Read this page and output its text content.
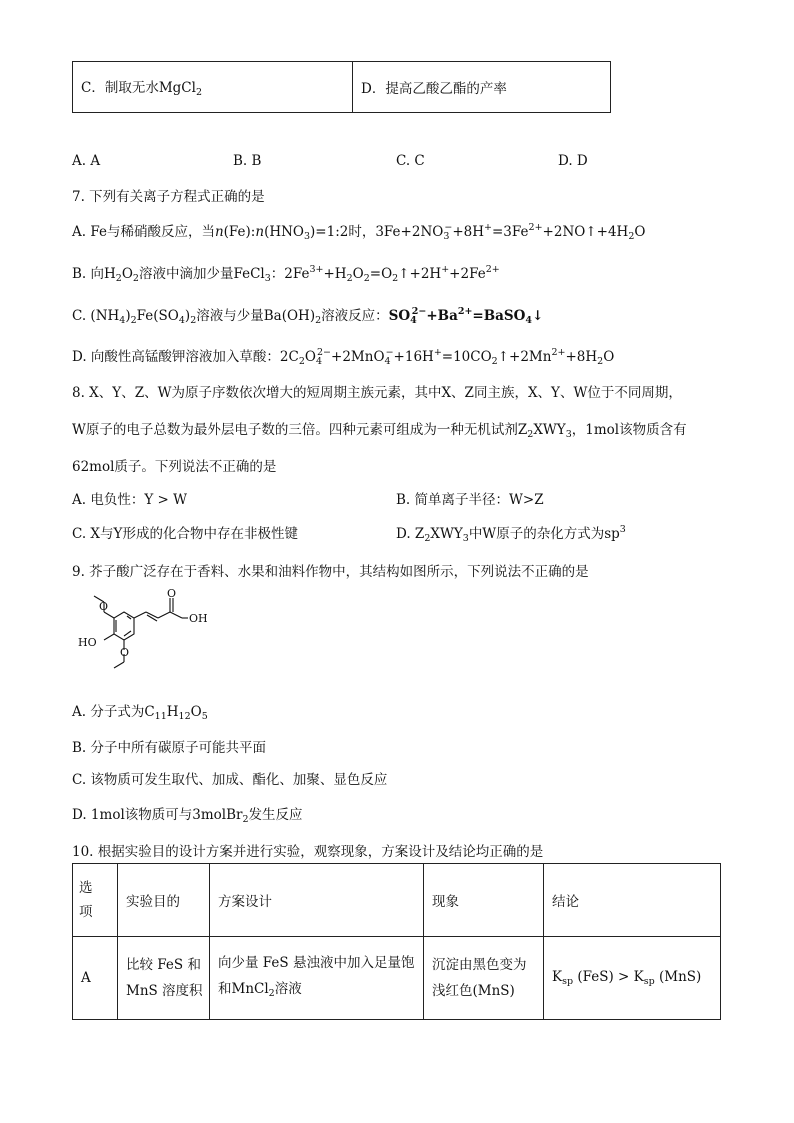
C．制取无水MgCl$_2$	D．提高乙酸乙酯的产率
A. A	B. B	C. C	D. D
7. 下列有关离子方程式正确的是
A. Fe与稀硝酸反应，当$n(Fe):n(HNO_3)=1:2$时，$3Fe+2NO_3^-+8H^+=3Fe^{2+}+2NO↑+4H_2O$
B. 向$H_2O_2$溶液中滴加少量FeCl$_3$：$2Fe^{3+}+H_2O_2=O_2↑+2H^++2Fe^{2+}$
C. $(NH_4)_2Fe(SO_4)_2$溶液与少量$Ba(OH)_2$溶液反应：$SO_4^{2-}+Ba^{2+}=BaSO_4↓$
D. 向酸性高锰酸钾溶液加入草酸：$2C_2O_4^{2-}+2MnO_4^-+16H^+=10CO_2↑+2Mn^{2+}+8H_2O$
8. X、Y、Z、W为原子序数依次增大的短周期主族元素，其中X、Z同主族，X、Y、W位于不同周期，
W原子的电子总数为最外层电子数的三倍。四种元素可组成为一种无机试剂$Z_2XWY_3$，1mol该物质含有
62mol质子。下列说法不正确的是
A. 电负性：Y > W	B. 简单离子半径：W>Z
C. X与Y形成的化合物中存在非极性键	D. $Z_2XWY_3$中W原子的杂化方式为$sp^3$
9. 芥子酸广泛存在于香料、水果和油料作物中，其结构如图所示，下列说法不正确的是
O
O
HO
O
OH
A. 分子式为$C_{11}H_{12}O_5$
B. 分子中所有碳原子可能共平面
C. 该物质可发生取代、加成、酯化、加聚、显色反应
D. 1mol该物质可与3molBr$_2$发生反应
10. 根据实验目的设计方案并进行实验，观察现象，方案设计及结论均正确的是
选
项	实验目的	方案设计	现象	结论
A	比较 FeS 和
MnS 溶度积	向少量 FeS 悬浊液中加入足量饱
和MnCl$_2$溶液	沉淀由黑色变为
浅红色(MnS)	$K_{sp}$ $(FeS) > K_{sp}$ (MnS)
